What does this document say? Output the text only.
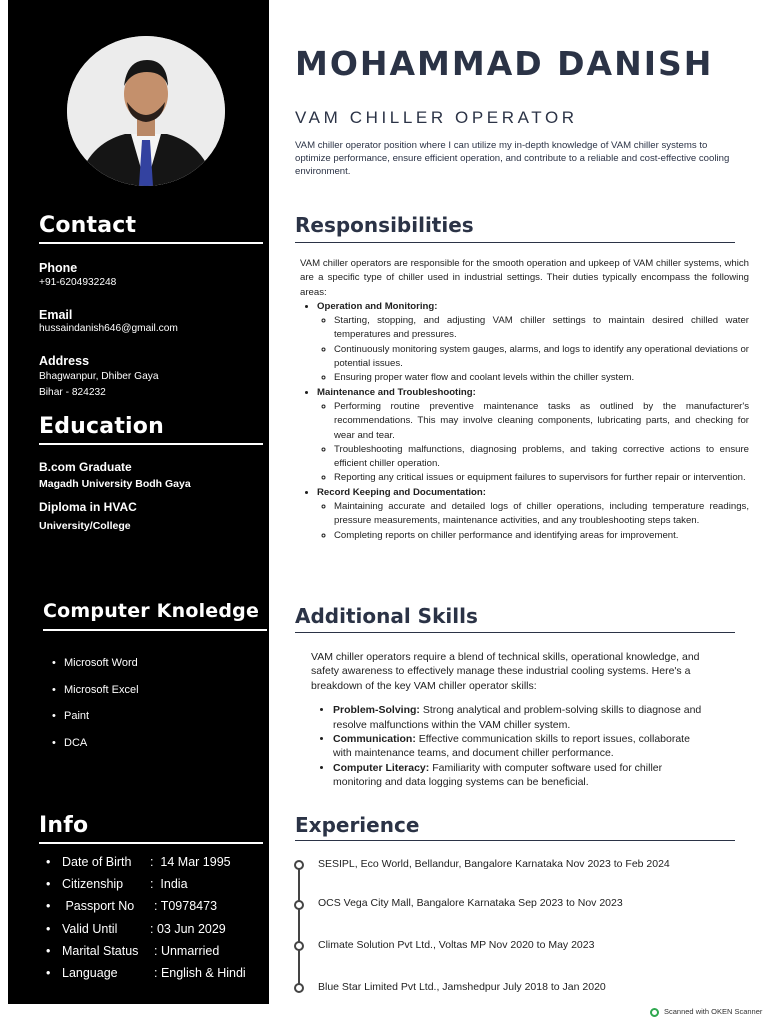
Contact
Phone
+91-6204932248
Email
hussaindanish646@gmail.com
Address
Bhagwanpur, Dhiber Gaya
Bihar - 824232
Education
B.com Graduate
Magadh University Bodh Gaya
Diploma in HVAC
University/College
Computer Knoledge
• Microsoft Word
• Microsoft Excel
• Paint
• DCA
Info
• Date of Birth :  14 Mar 1995
• Citizenship :  India
• Passport No : T0978473
• Valid Until	: 03 Jun 2029
• Marital Status : Unmarried
• Language	: English & Hindi
MOHAMMAD DANISH
VAM CHILLER OPERATOR
VAM chiller operator position where I can utilize my in-depth knowledge of VAM chiller systems to optimize performance, ensure efficient operation, and contribute to a reliable and cost-effective cooling environment.
Responsibilities

VAM chiller operators are responsible for the smooth operation and upkeep of VAM chiller systems, which are a specific type of chiller used in industrial settings. Their duties typically encompass the following areas:

• Operation and Monitoring:
◦ Starting, stopping, and adjusting VAM chiller settings to maintain desired chilled water temperatures and pressures.
◦ Continuously monitoring system gauges, alarms, and logs to identify any operational deviations or potential issues.
◦ Ensuring proper water flow and coolant levels within the chiller system.
• Maintenance and Troubleshooting:
◦ Performing routine preventive maintenance tasks as outlined by the manufacturer's recommendations. This may involve cleaning components, lubricating parts, and checking for wear and tear.
◦ Troubleshooting malfunctions, diagnosing problems, and taking corrective actions to ensure efficient chiller operation.
◦ Reporting any critical issues or equipment failures to supervisors for further repair or intervention.
• Record Keeping and Documentation:
◦ Maintaining accurate and detailed logs of chiller operations, including temperature readings, pressure measurements, maintenance activities, and any troubleshooting steps taken.
◦ Completing reports on chiller performance and identifying areas for improvement.
Additional Skills

VAM chiller operators require a blend of technical skills, operational knowledge, and safety awareness to effectively manage these industrial cooling systems. Here's a breakdown of the key VAM chiller operator skills:

• Problem-Solving: Strong analytical and problem-solving skills to diagnose and resolve malfunctions within the VAM chiller system.
• Communication: Effective communication skills to report issues, collaborate with maintenance teams, and document chiller performance.
• Computer Literacy: Familiarity with computer software used for chiller monitoring and data logging systems can be beneficial.
Experience
SESIPL, Eco World, Bellandur, Bangalore Karnataka Nov 2023 to Feb 2024
OCS Vega City Mall, Bangalore Karnataka Sep 2023 to Nov 2023
Climate Solution Pvt Ltd., Voltas MP Nov 2020 to May 2023
Blue Star Limited Pvt Ltd., Jamshedpur July 2018 to Jan 2020
Scanned with OKEN Scanner
